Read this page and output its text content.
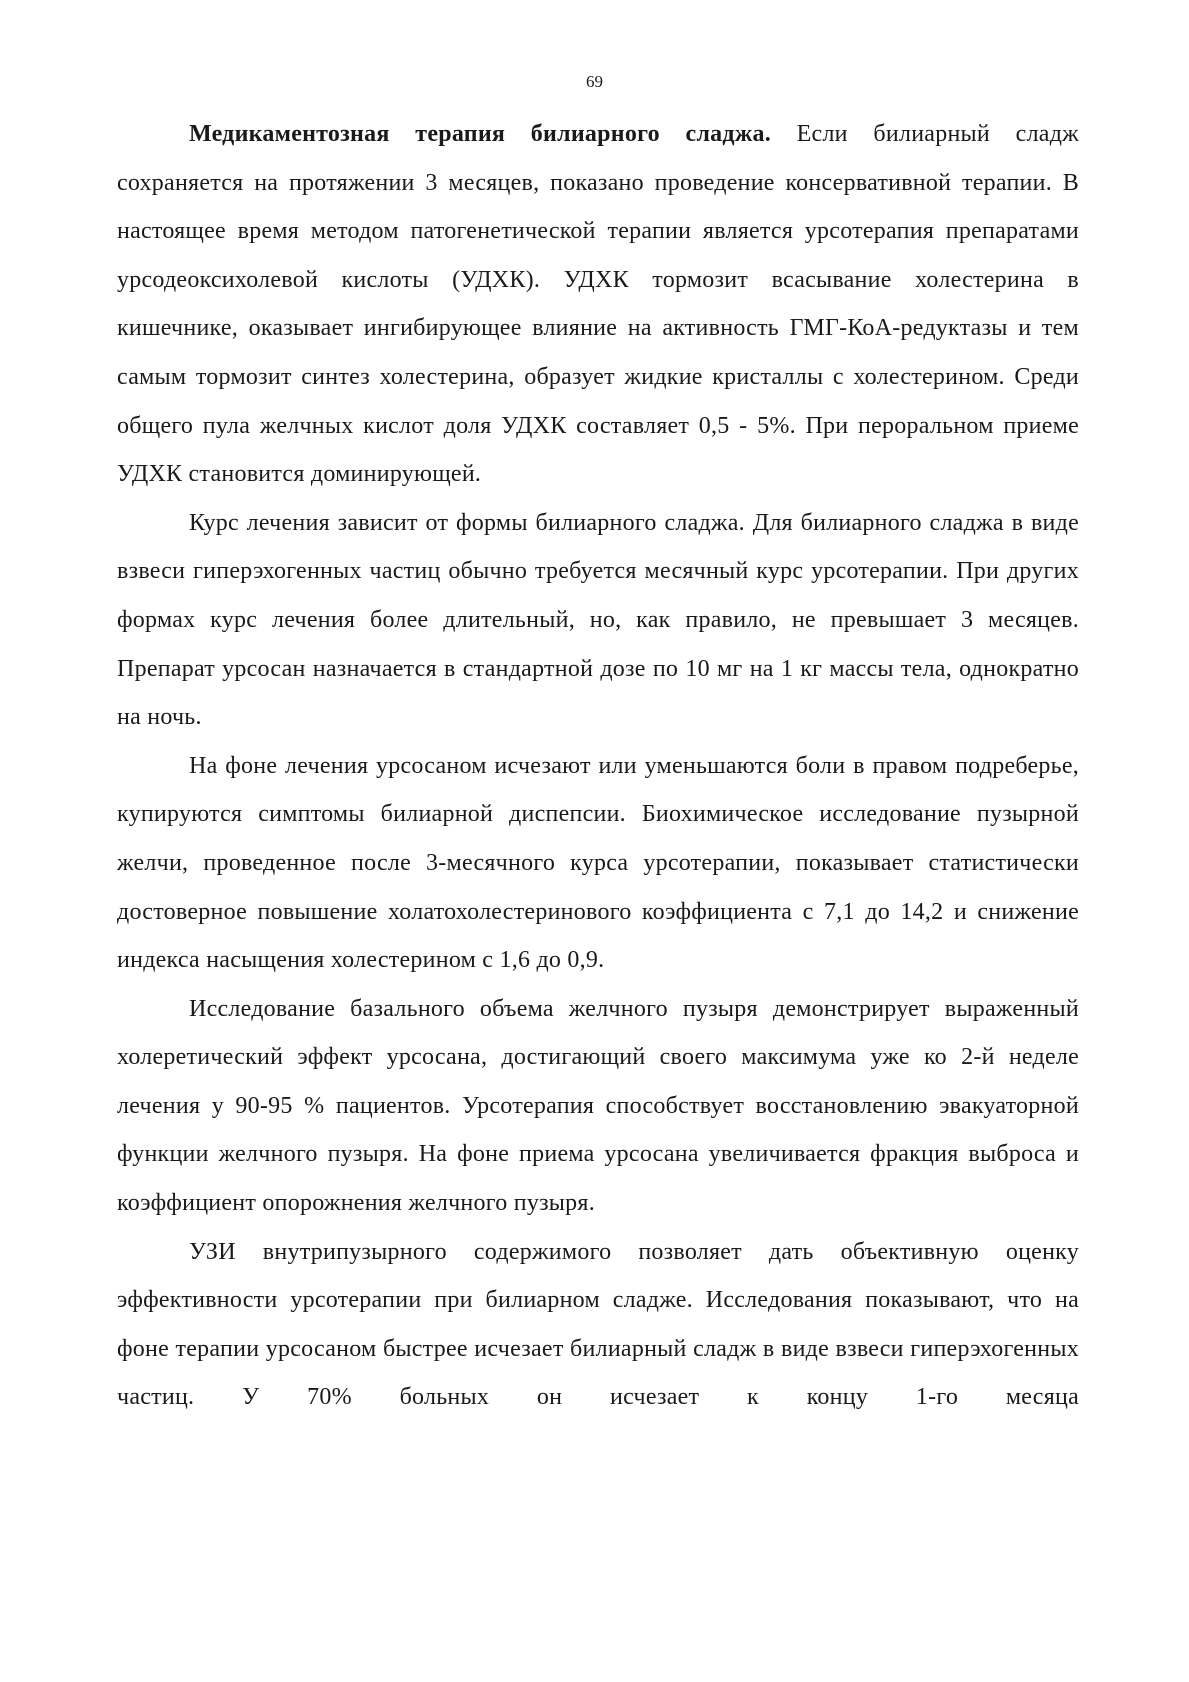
69

Медикаментозная терапия билиарного сладжа. Если билиарный сладж сохраняется на протяжении 3 месяцев, показано проведение консервативной терапии. В настоящее время методом патогенетической терапии является урсотерапия препаратами урсодеоксихолевой кислоты (УДХК). УДХК тормозит всасывание холестерина в кишечнике, оказывает ингибирующее влияние на активность ГМГ-КоА-редуктазы и тем самым тормозит синтез холестерина, образует жидкие кристаллы с холестерином. Среди общего пула желчных кислот доля УДХК составляет 0,5 - 5%. При пероральном приеме УДХК становится доминирующей.

Курс лечения зависит от формы билиарного сладжа. Для билиарного сладжа в виде взвеси гиперэхогенных частиц обычно требуется месячный курс урсотерапии. При других формах курс лечения более длительный, но, как правило, не превышает 3 месяцев. Препарат урсосан назначается в стандартной дозе по 10 мг на 1 кг массы тела, однократно на ночь.

На фоне лечения урсосаном исчезают или уменьшаются боли в правом подреберье, купируются симптомы билиарной диспепсии. Биохимическое исследование пузырной желчи, проведенное после 3-месячного курса урсотерапии, показывает статистически достоверное повышение холатохолестеринового коэффициента с 7,1 до 14,2 и снижение индекса насыщения холестерином с 1,6 до 0,9.

Исследование базального объема желчного пузыря демонстрирует выраженный холеретический эффект урсосана, достигающий своего максимума уже ко 2-й неделе лечения у 90-95 % пациентов. Урсотерапия способствует восстановлению эвакуаторной функции желчного пузыря. На фоне приема урсосана увеличивается фракция выброса и коэффициент опорожнения желчного пузыря.

УЗИ внутрипузырного содержимого позволяет дать объективную оценку эффективности урсотерапии при билиарном сладже. Исследования показывают, что на фоне терапии урсосаном быстрее исчезает билиарный сладж в виде взвеси гиперэхогенных частиц. У 70% больных он исчезает к концу 1-го месяца
